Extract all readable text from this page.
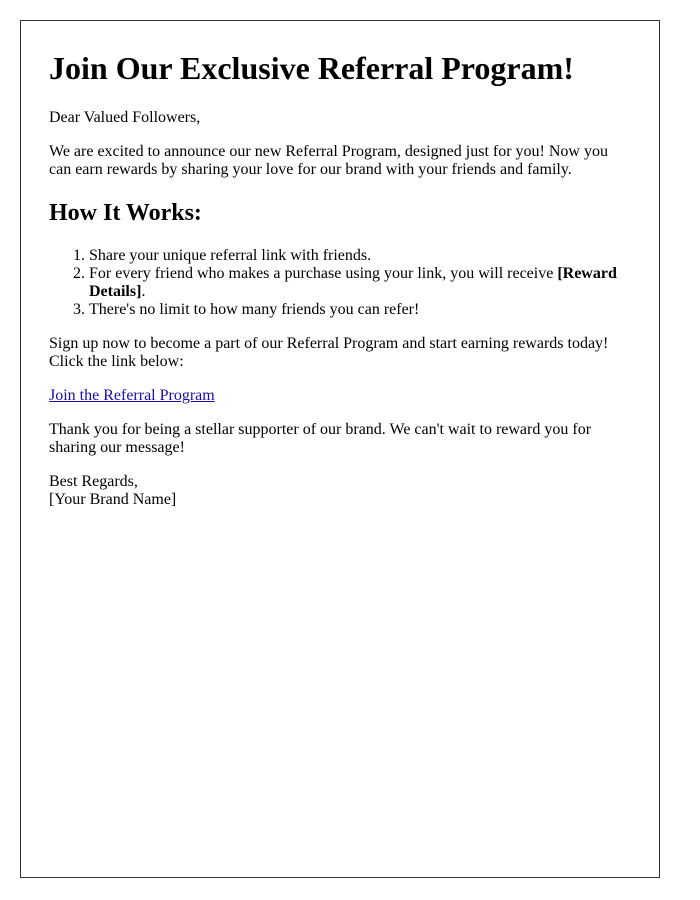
Join Our Exclusive Referral Program!

Dear Valued Followers,

We are excited to announce our new Referral Program, designed just for you! Now you can earn rewards by sharing your love for our brand with your friends and family.

How It Works:
1. Share your unique referral link with friends.
2. For every friend who makes a purchase using your link, you will receive [Reward Details].
3. There's no limit to how many friends you can refer!

Sign up now to become a part of our Referral Program and start earning rewards today! Click the link below:

Join the Referral Program

Thank you for being a stellar supporter of our brand. We can't wait to reward you for sharing our message!

Best Regards,
[Your Brand Name]
